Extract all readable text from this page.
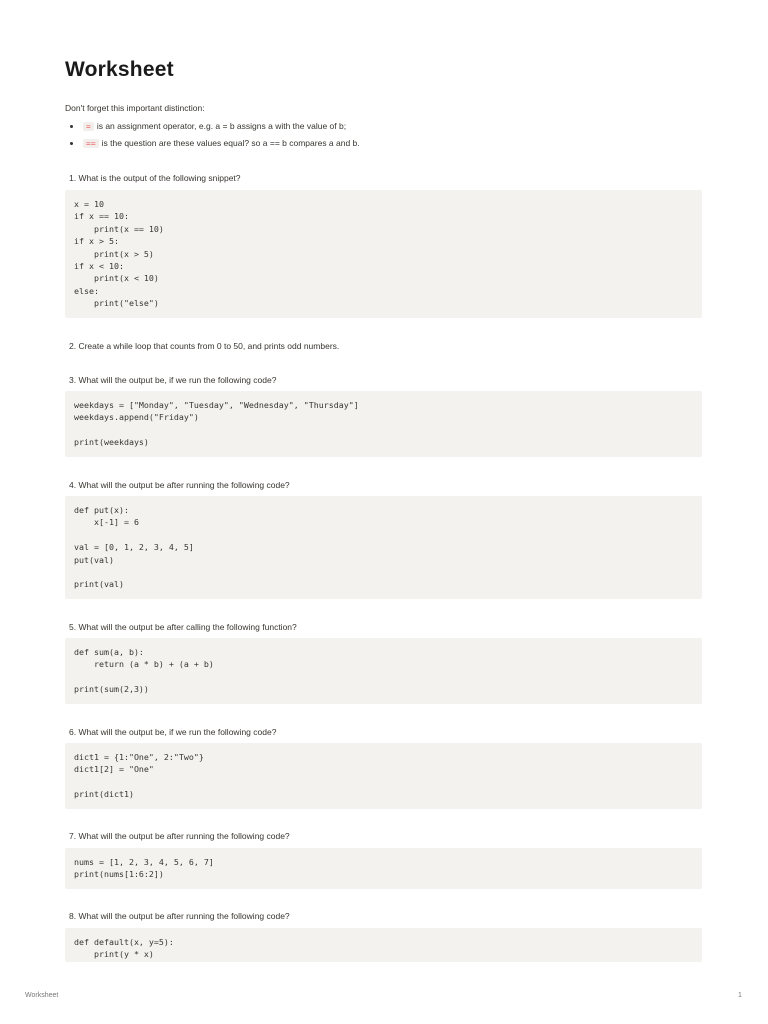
Worksheet
Don't forget this important distinction:
= is an assignment operator, e.g. a = b assigns a with the value of b;
== is the question are these values equal? so a == b compares a and b.
1. What is the output of the following snippet?
x = 10
if x == 10:
print(x == 10)
if x > 5:
print(x > 5)
if x < 10:
print(x < 10)
else:
print("else")
2. Create a while loop that counts from 0 to 50, and prints odd numbers.
3. What will the output be, if we run the following code?
weekdays = ["Monday", "Tuesday", "Wednesday", "Thursday"]
weekdays.append("Friday")

print(weekdays)
4. What will the output be after running the following code?
def put(x):
x[-1] = 6

val = [0, 1, 2, 3, 4, 5]
put(val)

print(val)
5. What will the output be after calling the following function?
def sum(a, b):
return (a * b) + (a + b)

print(sum(2,3))
6. What will the output be, if we run the following code?
dict1 = {1:"One", 2:"Two"}
dict1[2] = "One"

print(dict1)
7. What will the output be after running the following code?
nums = [1, 2, 3, 4, 5, 6, 7]
print(nums[1:6:2])
8. What will the output be after running the following code?
def default(x, y=5):
print(y * x)
Worksheet	1
